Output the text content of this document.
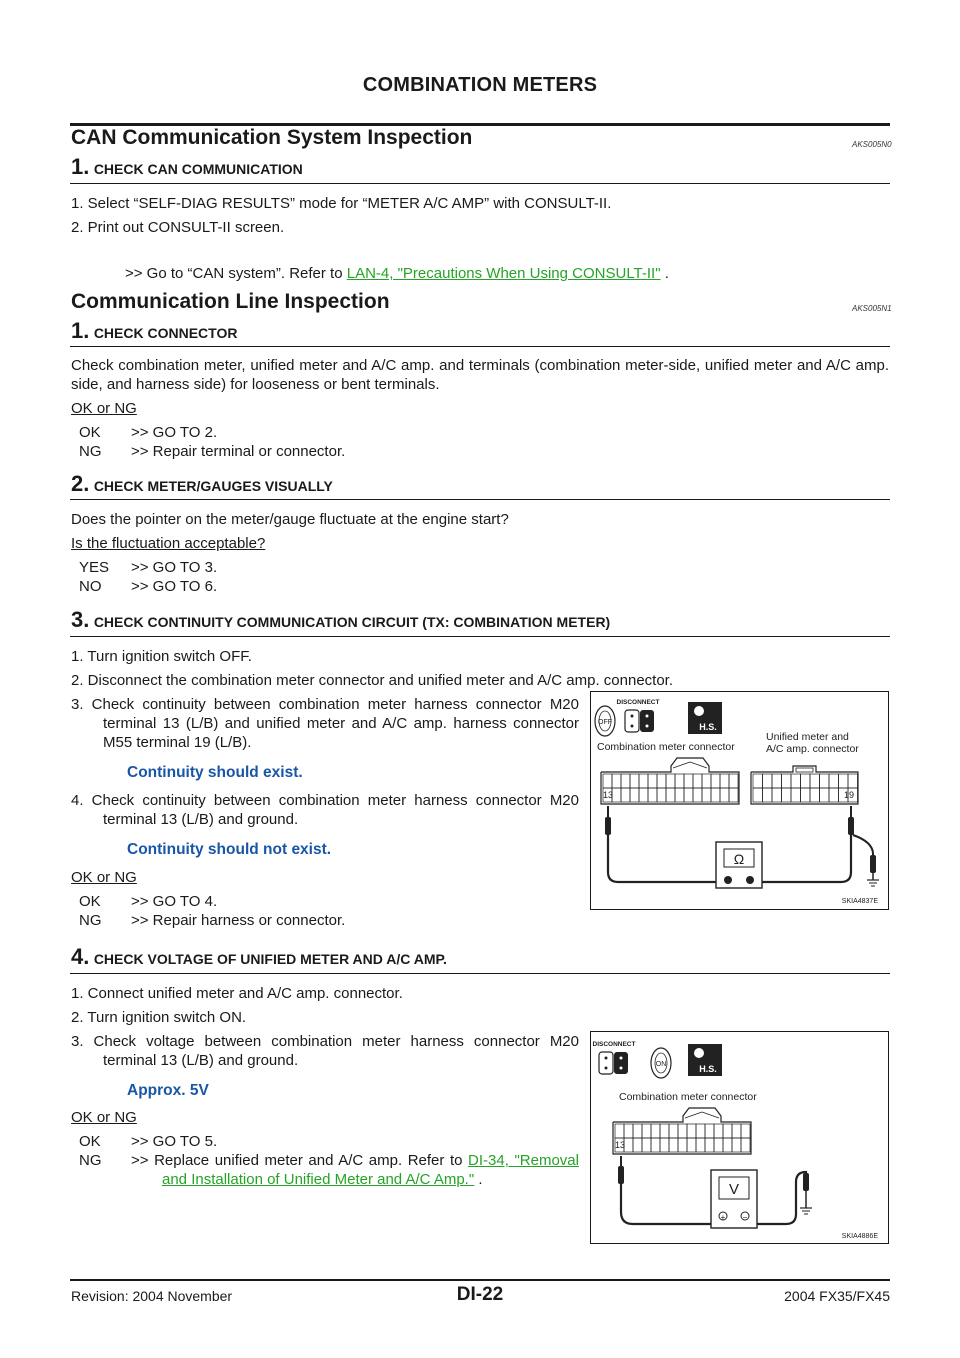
COMBINATION METERS
CAN Communication System Inspection	AKS005N0
1. CHECK CAN COMMUNICATION
1. Select “SELF-DIAG RESULTS” mode for “METER A/C AMP” with CONSULT-II.
2. Print out CONSULT-II screen.
>> Go to “CAN system”. Refer to LAN-4, "Precautions When Using CONSULT-II" .
Communication Line Inspection	AKS005N1
1. CHECK CONNECTOR
Check combination meter, unified meter and A/C amp. and terminals (combination meter-side, unified meter and A/C amp. side, and harness side) for looseness or bent terminals.
OK or NG
OK >> GO TO 2.
NG >> Repair terminal or connector.
2. CHECK METER/GAUGES VISUALLY
Does the pointer on the meter/gauge fluctuate at the engine start?
Is the fluctuation acceptable?
YES >> GO TO 3.
NO >> GO TO 6.
3. CHECK CONTINUITY COMMUNICATION CIRCUIT (TX: COMBINATION METER)
1. Turn ignition switch OFF.
2. Disconnect the combination meter connector and unified meter and A/C amp. connector.
3. Check continuity between combination meter harness connector M20 terminal 13 (L/B) and unified meter and A/C amp. harness connector M55 terminal 19 (L/B).
Continuity should exist.
4. Check continuity between combination meter harness connector M20 terminal 13 (L/B) and ground.
Continuity should not exist.
OK or NG
OK >> GO TO 4.
NG >> Repair harness or connector.
OFF
DISCONNECT
H.S.
Combination meter connector
Unified meter and
A/C amp. connector
13	19
Ω
SKIA4837E
4. CHECK VOLTAGE OF UNIFIED METER AND A/C AMP.
1. Connect unified meter and A/C amp. connector.
2. Turn ignition switch ON.
3. Check voltage between combination meter harness connector M20 terminal 13 (L/B) and ground.
Approx. 5V
OK or NG
OK >> GO TO 5.
NG	>> Replace unified meter and A/C amp. Refer to DI-34, "Removal and Installation of Unified Meter and A/C Amp." .
DISCONNECT
ON	H.S.
Combination meter connector
13
V
+ −
SKIA4886E
Revision: 2004 November	DI-22	2004 FX35/FX45
